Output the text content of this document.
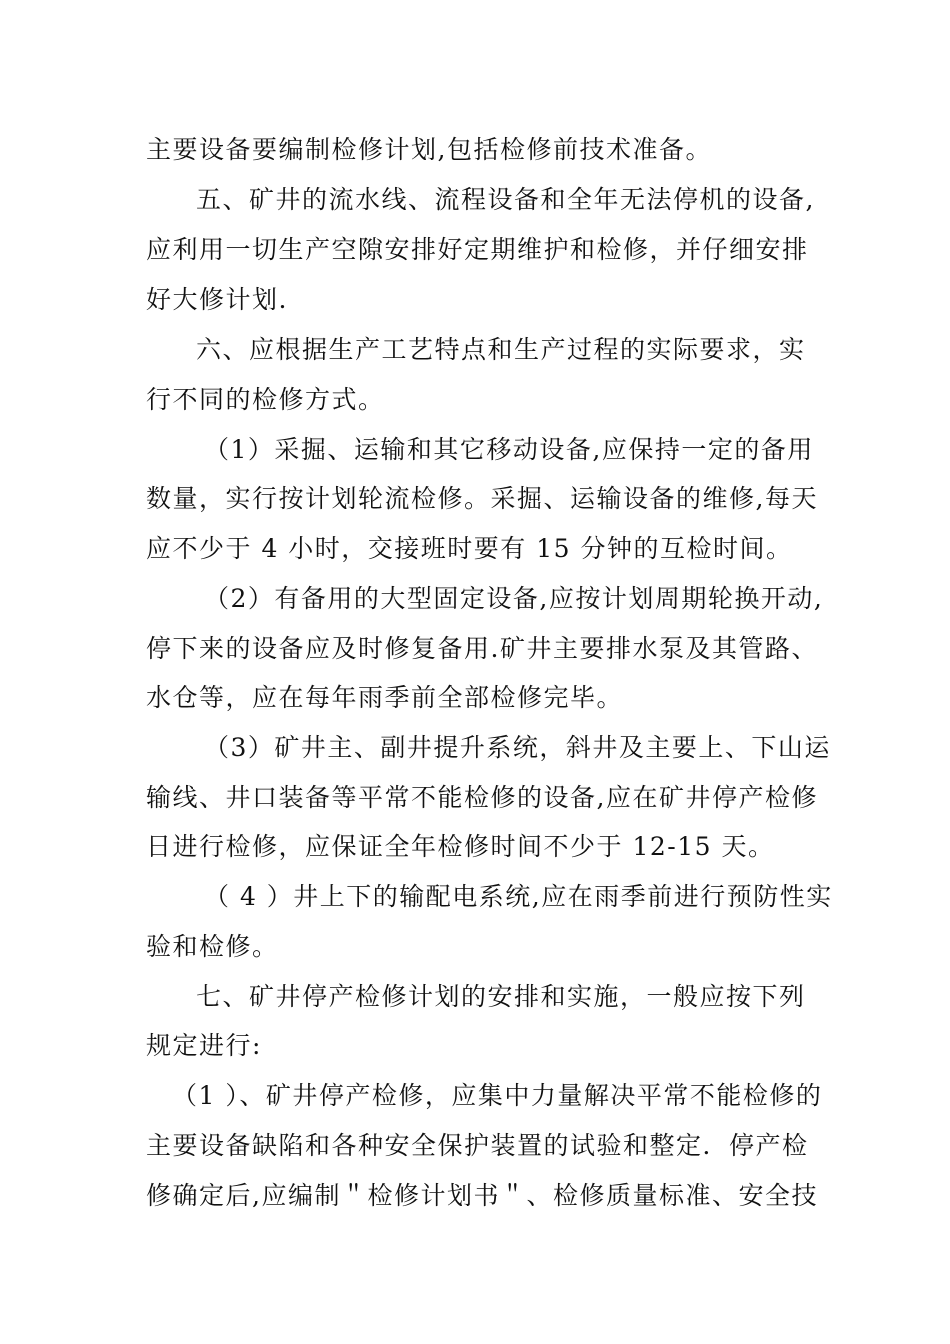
主要设备要编制检修计划,包括检修前技术准备。
五、矿井的流水线、流程设备和全年无法停机的设备,
应利用一切生产空隙安排好定期维护和检修，并仔细安排
好大修计划.
六、应根据生产工艺特点和生产过程的实际要求，实
行不同的检修方式。
（1）采掘、运输和其它移动设备,应保持一定的备用
数量，实行按计划轮流检修。采掘、运输设备的维修,每天
应不少于 4 小时，交接班时要有 15 分钟的互检时间。
（2）有备用的大型固定设备,应按计划周期轮换开动,
停下来的设备应及时修复备用.矿井主要排水泵及其管路、
水仓等，应在每年雨季前全部检修完毕。
（3）矿井主、副井提升系统，斜井及主要上、下山运
输线、井口装备等平常不能检修的设备,应在矿井停产检修
日进行检修，应保证全年检修时间不少于 12-15 天。
（ 4 ）井上下的输配电系统,应在雨季前进行预防性实
验和检修。
七、矿井停产检修计划的安排和实施，一般应按下列
规定进行:
（1 ）、矿井停产检修，应集中力量解决平常不能检修的
主要设备缺陷和各种安全保护装置的试验和整定．停产检
修确定后,应编制＂检修计划书＂、检修质量标准、安全技
